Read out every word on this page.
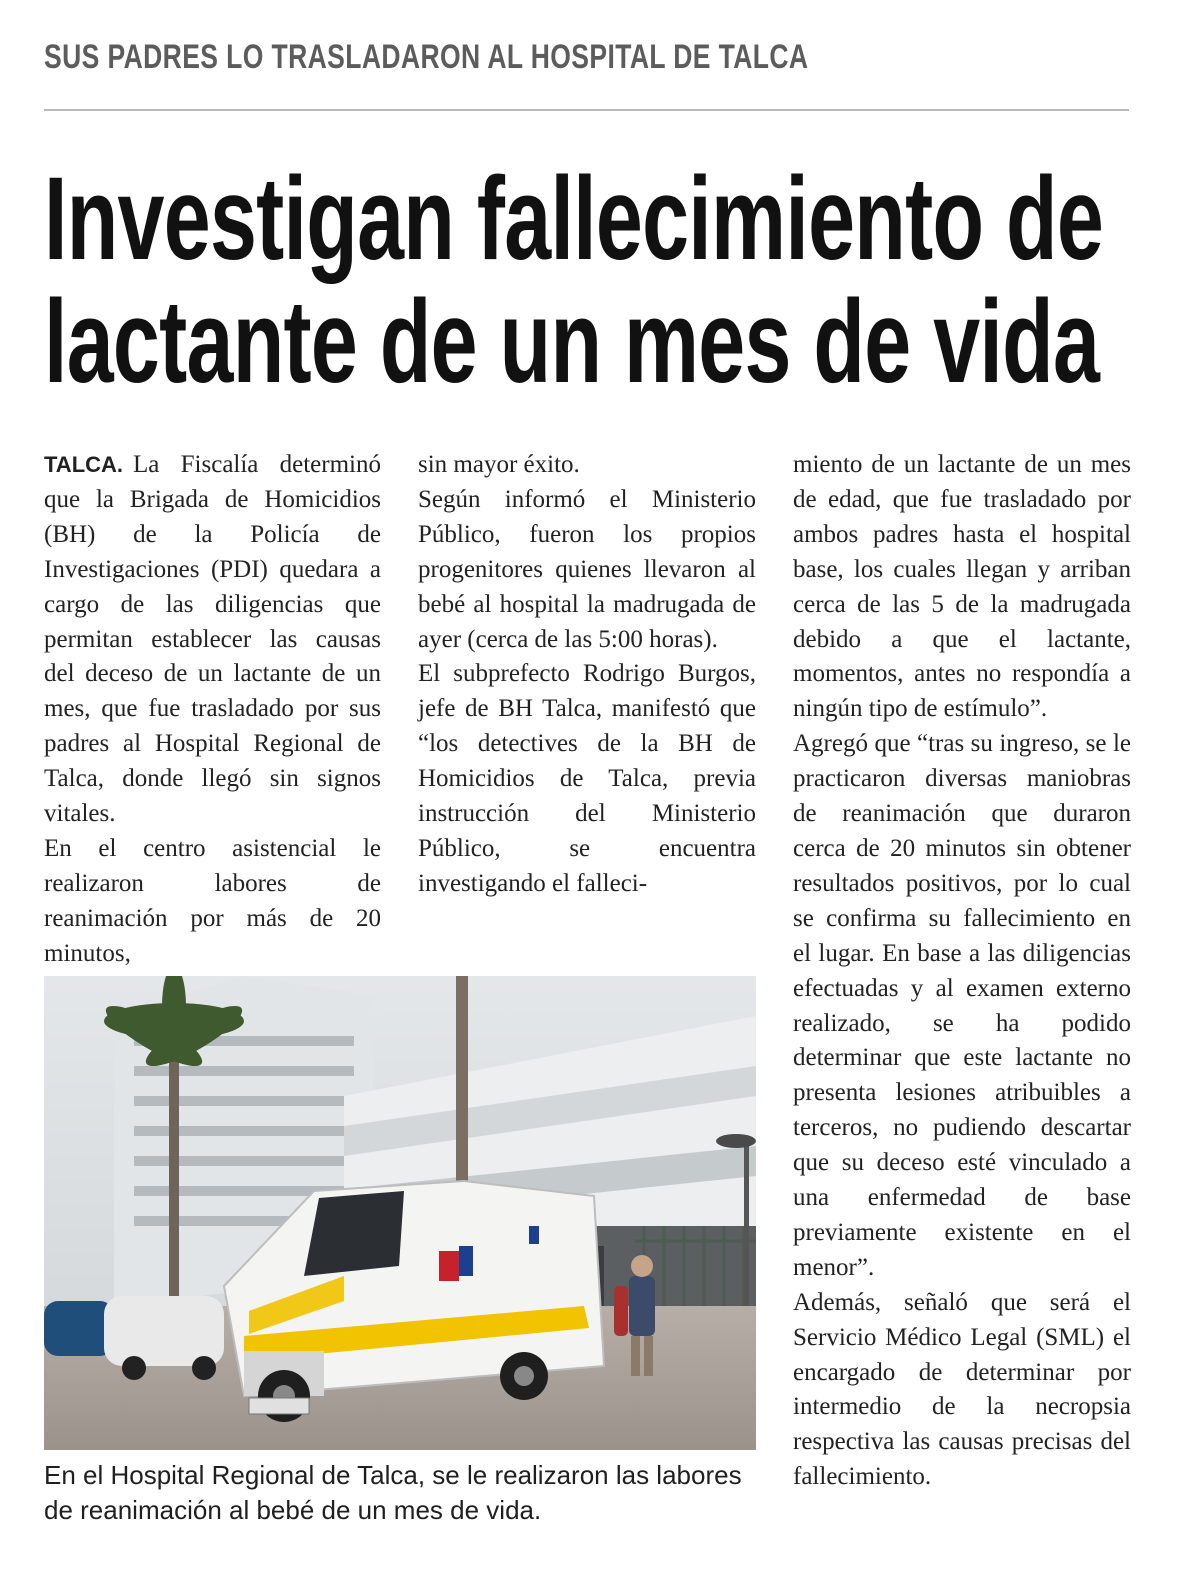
SUS PADRES LO TRASLADARON AL HOSPITAL DE TALCA
Investigan fallecimiento de
lactante de un mes de vida

TALCA. La Fiscalía determinó que la Brigada de Homicidios (BH) de la Policía de Investigaciones (PDI) quedara a cargo de las diligencias que permitan establecer las causas del deceso de un lactante de un mes, que fue trasladado por sus padres al Hospital Regional de Talca, donde llegó sin signos vitales.

En el centro asistencial le realizaron labores de reanimación por más de 20 minutos,

sin mayor éxito.

Según informó el Ministerio Público, fueron los propios progenitores quienes llevaron al bebé al hospital la madrugada de ayer (cerca de las 5:00 horas).

El subprefecto Rodrigo Burgos, jefe de BH Talca, manifestó que “los detectives de la BH de Homicidios de Talca, previa instrucción del Ministerio Público, se encuentra investigando el falleci-

miento de un lactante de un mes de edad, que fue trasladado por ambos padres hasta el hospital base, los cuales llegan y arriban cerca de las 5 de la madrugada debido a que el lactante, momentos, antes no respondía a ningún tipo de estímulo”.

Agregó que “tras su ingreso, se le practicaron diversas maniobras de reanimación que duraron cerca de 20 minutos sin obtener resultados positivos, por lo cual se confirma su fallecimiento en el lugar. En base a las diligencias efectuadas y al examen externo realizado, se ha podido determinar que este lactante no presenta lesiones atribuibles a terceros, no pudiendo descartar que su deceso esté vinculado a una enfermedad de base previamente existente en el menor”.

Además, señaló que será el Servicio Médico Legal (SML) el encargado de determinar por intermedio de la necropsia respectiva las causas precisas del fallecimiento.

En el Hospital Regional de Talca, se le realizaron las labores de reanimación al bebé de un mes de vida.
